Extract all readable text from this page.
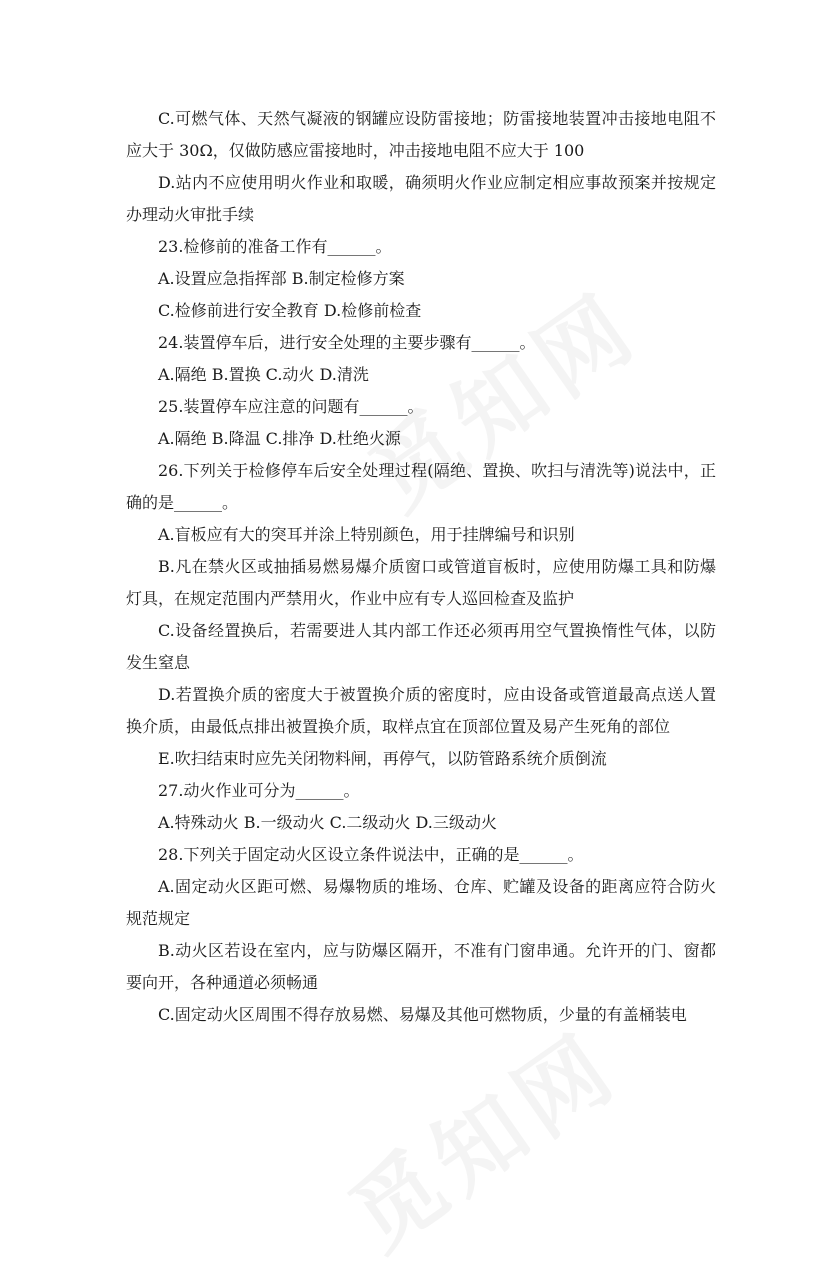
C.可燃气体、天然气凝液的钢罐应设防雷接地；防雷接地装置冲击接地电阻不应大于 30Ω，仅做防感应雷接地时，冲击接地电阻不应大于 100

D.站内不应使用明火作业和取暖，确须明火作业应制定相应事故预案并按规定办理动火审批手续

23.检修前的准备工作有______。

A.设置应急指挥部 B.制定检修方案

C.检修前进行安全教育 D.检修前检查

24.装置停车后，进行安全处理的主要步骤有______。

A.隔绝 B.置换 C.动火 D.清洗

25.装置停车应注意的问题有______。

A.隔绝 B.降温 C.排净 D.杜绝火源

26.下列关于检修停车后安全处理过程(隔绝、置换、吹扫与清洗等)说法中，正确的是______。

A.盲板应有大的突耳并涂上特别颜色，用于挂牌编号和识别

B.凡在禁火区或抽插易燃易爆介质窗口或管道盲板时，应使用防爆工具和防爆灯具，在规定范围内严禁用火，作业中应有专人巡回检查及监护

C.设备经置换后，若需要进人其内部工作还必须再用空气置换惰性气体，以防发生窒息

D.若置换介质的密度大于被置换介质的密度时，应由设备或管道最高点送人置换介质，由最低点排出被置换介质，取样点宜在顶部位置及易产生死角的部位

E.吹扫结束时应先关闭物料闸，再停气，以防管路系统介质倒流

27.动火作业可分为______。

A.特殊动火 B.一级动火 C.二级动火 D.三级动火

28.下列关于固定动火区设立条件说法中，正确的是______。

A.固定动火区距可燃、易爆物质的堆场、仓库、贮罐及设备的距离应符合防火规范规定

B.动火区若设在室内，应与防爆区隔开，不准有门窗串通。允许开的门、窗都要向开，各种通道必须畅通

C.固定动火区周围不得存放易燃、易爆及其他可燃物质，少量的有盖桶装电
